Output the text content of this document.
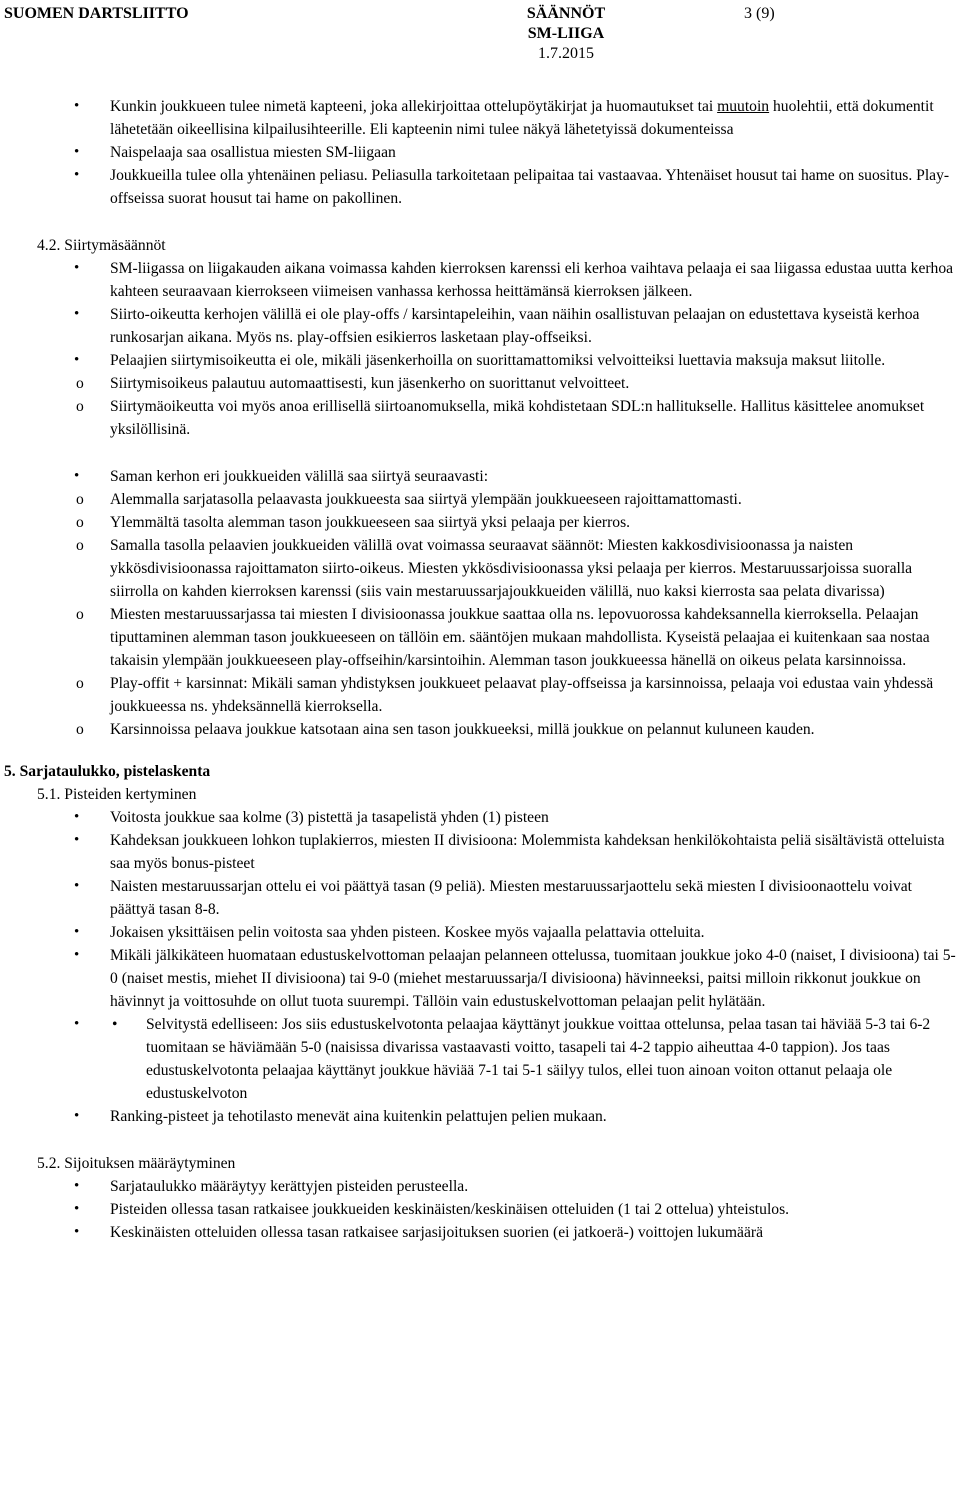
SUOMEN DARTSLIITTO	SÄÄNNÖT
SM-LIIGA
1.7.2015
3 (9)
• Kunkin joukkueen tulee nimetä kapteeni, joka allekirjoittaa ottelupöytäkirjat ja huomautukset tai muutoin huolehtii, että dokumentit lähetetään oikeellisina kilpailusihteerille. Eli kapteenin nimi tulee näkyä lähetetyissä dokumenteissa
• Naispelaaja saa osallistua miesten SM-liigaan
• Joukkueilla tulee olla yhtenäinen peliasu. Peliasulla tarkoitetaan pelipaitaa tai vastaavaa. Yhtenäiset housut tai hame on suositus. Play-offseissa suorat housut tai hame on pakollinen.
4.2. Siirtymäsäännöt
• SM-liigassa on liigakauden aikana voimassa kahden kierroksen karenssi eli kerhoa vaihtava pelaaja ei saa liigassa edustaa uutta kerhoa kahteen seuraavaan kierrokseen viimeisen vanhassa kerhossa heittämänsä kierroksen jälkeen.
• Siirto-oikeutta kerhojen välillä ei ole play-offs / karsintapeleihin, vaan näihin osallistuvan pelaajan on edustettava kyseistä kerhoa runkosarjan aikana. Myös ns. play-offsien esikierros lasketaan play-offseiksi.
• Pelaajien siirtymisoikeutta ei ole, mikäli jäsenkerhoilla on suorittamattomiksi velvoitteiksi luettavia maksuja maksut liitolle.
o Siirtymisoikeus palautuu automaattisesti, kun jäsenkerho on suorittanut velvoitteet.
o Siirtymäoikeutta voi myös anoa erillisellä siirtoanomuksella, mikä kohdistetaan SDL:n hallitukselle. Hallitus käsittelee anomukset yksilöllisinä.
• Saman kerhon eri joukkueiden välillä saa siirtyä seuraavasti:
o Alemmalla sarjatasolla pelaavasta joukkueesta saa siirtyä ylempään joukkueeseen rajoittamattomasti.
o Ylemmältä tasolta alemman tason joukkueeseen saa siirtyä yksi pelaaja per kierros.
o Samalla tasolla pelaavien joukkueiden välillä ovat voimassa seuraavat säännöt: Miesten kakkosdivisioonassa ja naisten ykkösdivisioonassa rajoittamaton siirto-oikeus. Miesten ykkösdivisioonassa yksi pelaaja per kierros. Mestaruussarjoissa suoralla siirrolla on kahden kierroksen karenssi (siis vain mestaruussarjajoukkueiden välillä, nuo kaksi kierrosta saa pelata divarissa)
o Miesten mestaruussarjassa tai miesten I divisioonassa joukkue saattaa olla ns. lepovuorossa kahdeksannella kierroksella. Pelaajan tiputtaminen alemman tason joukkueeseen on tällöin em. sääntöjen mukaan mahdollista. Kyseistä pelaajaa ei kuitenkaan saa nostaa takaisin ylempään joukkueeseen play-offseihin/karsintoihin. Alemman tason joukkueessa hänellä on oikeus pelata karsinnoissa.
o Play-offit + karsinnat: Mikäli saman yhdistyksen joukkueet pelaavat play-offseissa ja karsinnoissa, pelaaja voi edustaa vain yhdessä joukkueessa ns. yhdeksännellä kierroksella.
o Karsinnoissa pelaava joukkue katsotaan aina sen tason joukkueeksi, millä joukkue on pelannut kuluneen kauden.
5. Sarjataulukko, pistelaskenta
5.1. Pisteiden kertyminen
• Voitosta joukkue saa kolme (3) pistettä ja tasapelistä yhden (1) pisteen
• Kahdeksan joukkueen lohkon tuplakierros, miesten II divisioona: Molemmista kahdeksan henkilökohtaista peliä sisältävistä otteluista saa myös bonus-pisteet
• Naisten mestaruussarjan ottelu ei voi päättyä tasan (9 peliä). Miesten mestaruussarjaottelu sekä miesten I divisioonaottelu voivat päättyä tasan 8-8.
• Jokaisen yksittäisen pelin voitosta saa yhden pisteen. Koskee myös vajaalla pelattavia otteluita.
• Mikäli jälkikäteen huomataan edustuskelvottoman pelaajan pelanneen ottelussa, tuomitaan joukkue joko 4-0 (naiset, I divisioona) tai 5-0 (naiset mestis, miehet II divisioona) tai 9-0 (miehet mestaruussarja/I divisioona) hävinneeksi, paitsi milloin rikkonut joukkue on hävinnyt ja voittosuhde on ollut tuota suurempi. Tällöin vain edustuskelvottoman pelaajan pelit hylätään.
• • Selvitystä edelliseen: Jos siis edustuskelvotonta pelaajaa käyttänyt joukkue voittaa ottelunsa, pelaa tasan tai häviää 5-3 tai 6-2 tuomitaan se häviämään 5-0 (naisissa divarissa vastaavasti voitto, tasapeli tai 4-2 tappio aiheuttaa 4-0 tappion). Jos taas edustuskelvotonta pelaajaa käyttänyt joukkue häviää 7-1 tai 5-1 säilyy tulos, ellei tuon ainoan voiton ottanut pelaaja ole edustuskelvoton
• Ranking-pisteet ja tehotilasto menevät aina kuitenkin pelattujen pelien mukaan.
5.2. Sijoituksen määräytyminen
• Sarjataulukko määräytyy kerättyjen pisteiden perusteella.
• Pisteiden ollessa tasan ratkaisee joukkueiden keskinäisten/keskinäisen otteluiden (1 tai 2 ottelua) yhteistulos.
• Keskinäisten otteluiden ollessa tasan ratkaisee sarjasijoituksen suorien (ei jatkoerä-) voittojen lukumäärä
